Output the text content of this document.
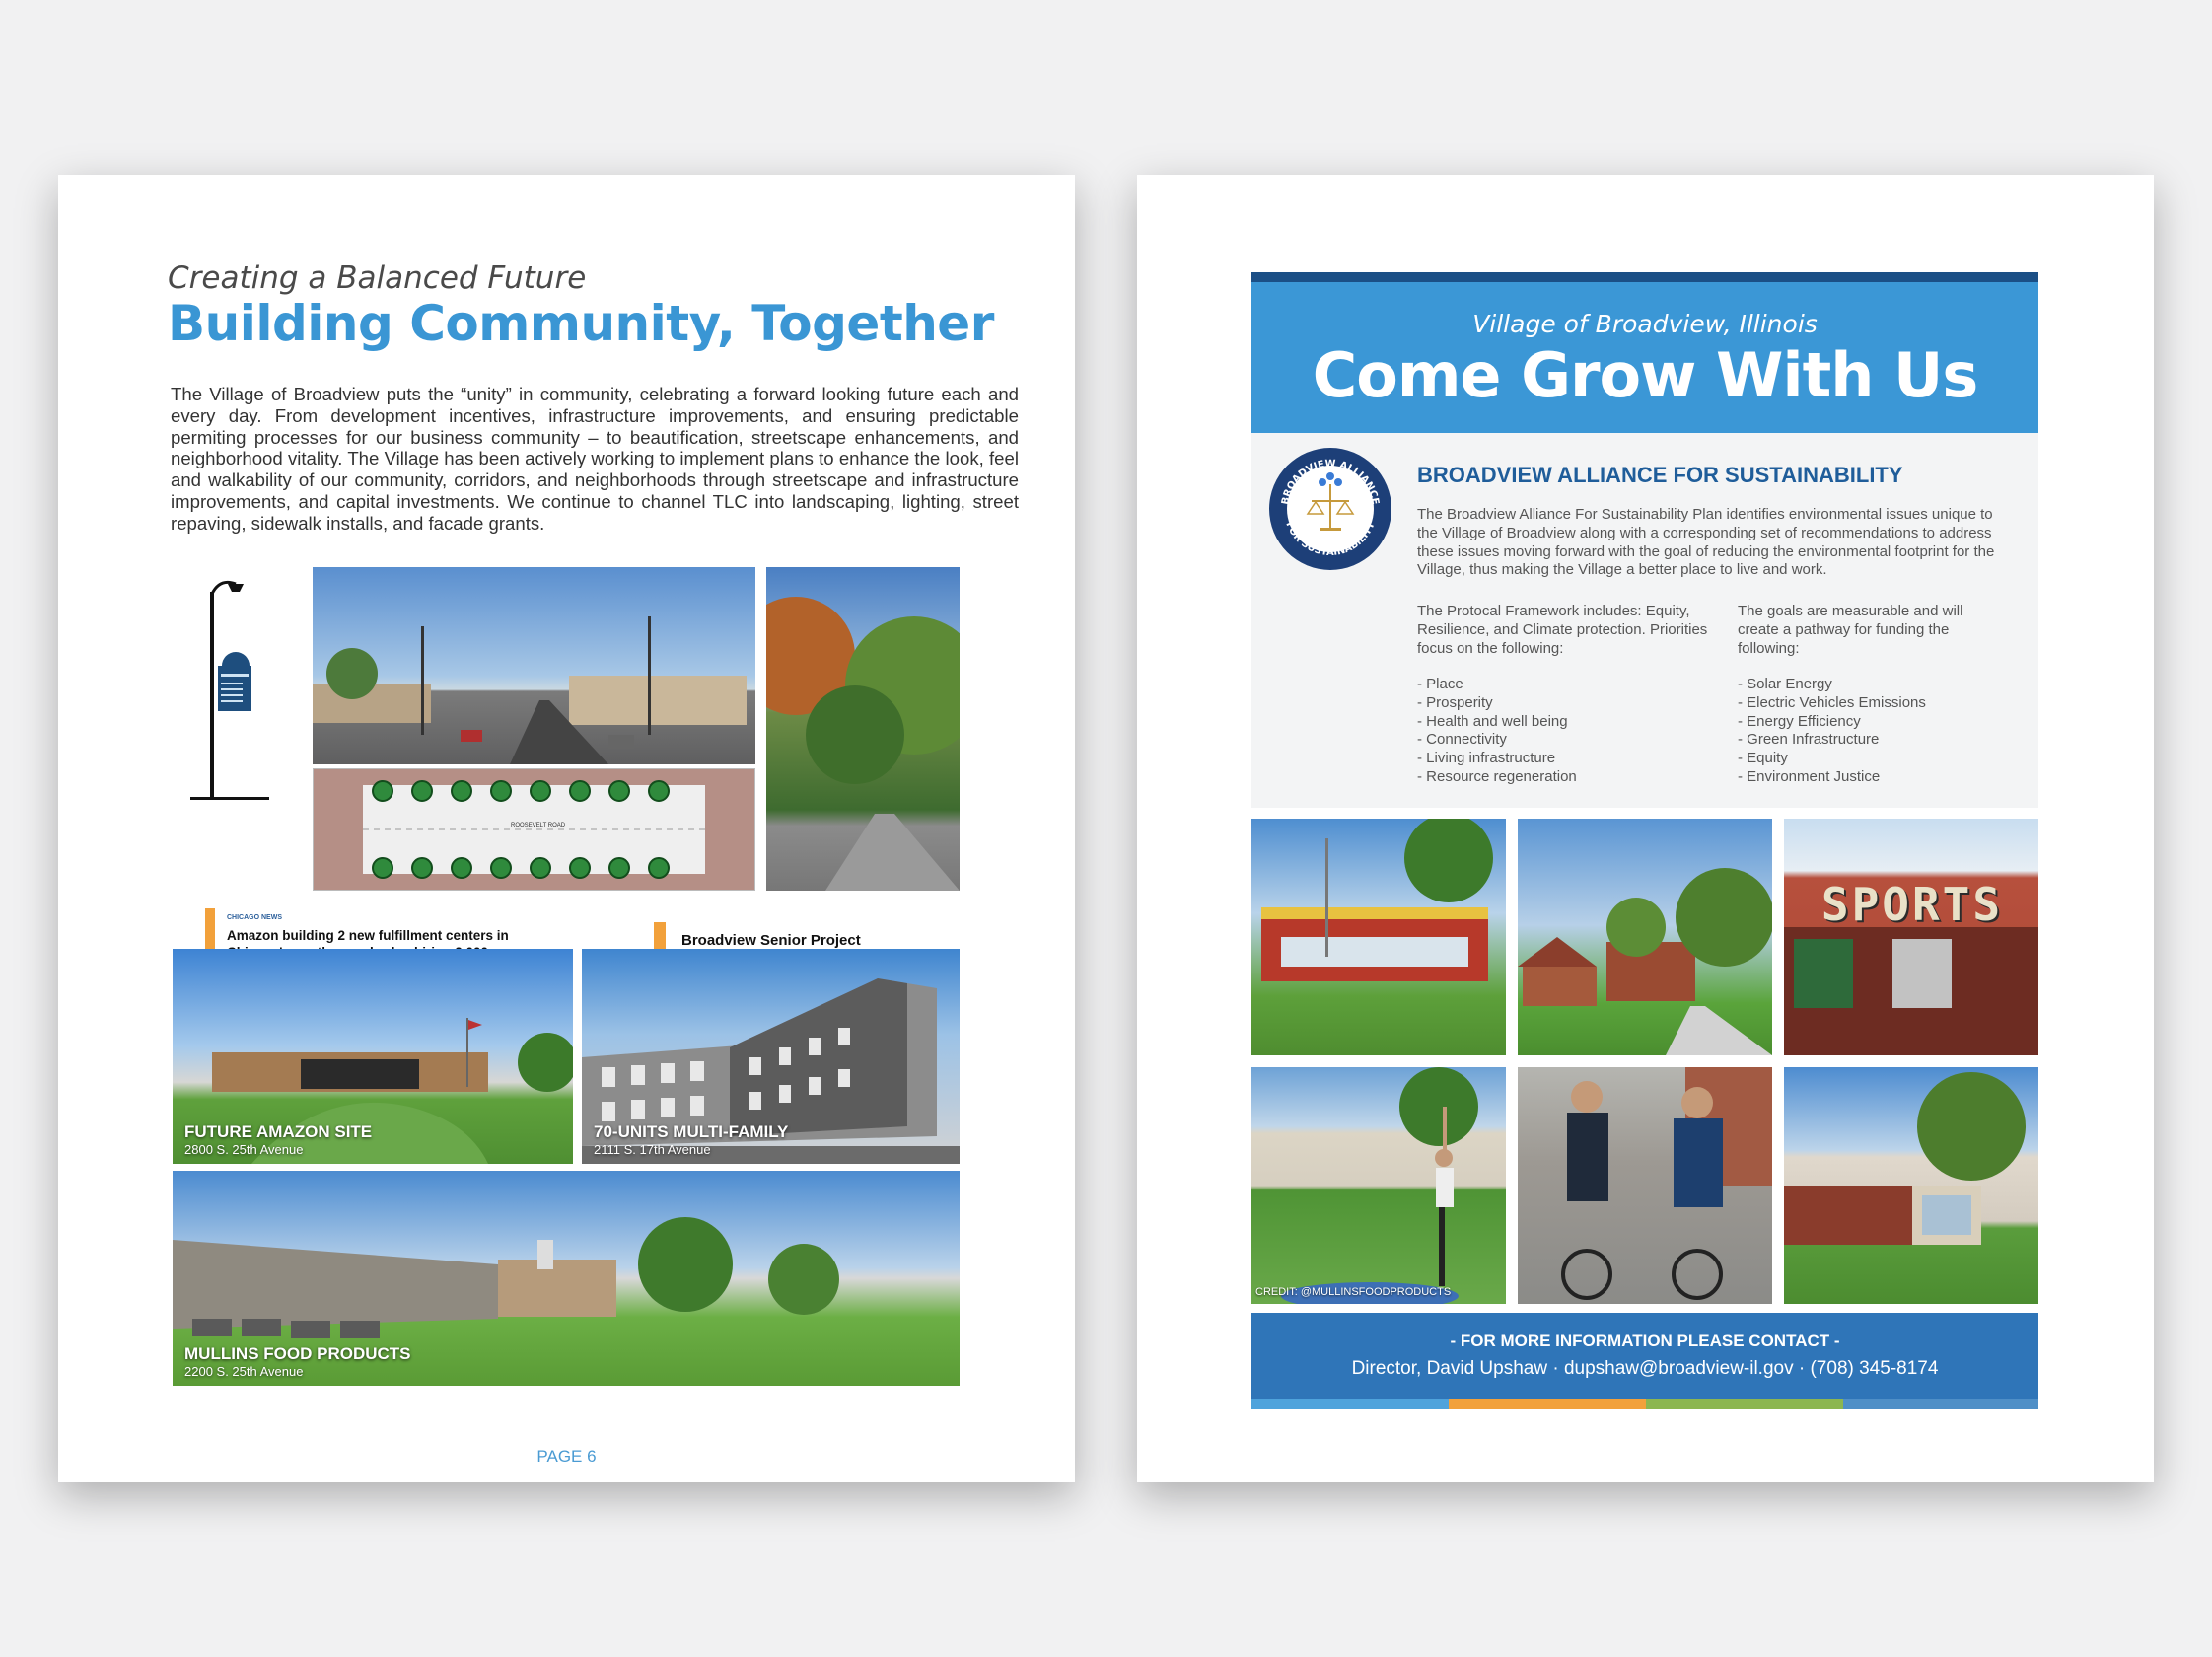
Creating a Balanced Future
Building Community, Together
The Village of Broadview puts the “unity” in community, celebrating a forward looking future each and every day. From development incentives, infrastructure improvements, and ensuring predictable permiting processes for our business community – to beautification, streetscape enhancements, and neighborhood vitality. The Village has been actively working to implement plans to enhance the look, feel and walkability of our community, corridors, and neighborhoods through streetscape and infrastructure improvements, and capital investments. We continue to channel TLC into landscaping, lighting, street repaving, sidewalk installs, and facade grants.
ROOSEVELT ROAD
CHICAGO NEWS
Amazon building 2 new fulfillment centers in
FUTURE AMAZON SITE
2800 S. 25th Avenue
Broadview Senior Project
70-UNITS MULTI-FAMILY
2111 S. 17th Avenue
MULLINS FOOD PRODUCTS
2200 S. 25th Avenue
PAGE 6
Village of Broadview, Illinois
Come Grow With Us
BROADVIEW ALLIANCE
FOR SUSTAINABILITY
BROADVIEW ALLIANCE FOR SUSTAINABILITY
The Broadview Alliance For Sustainability Plan identifies environmental issues unique to the Village of Broadview along with a corresponding set of recommendations to address these issues moving forward with the goal of reducing the environmental footprint for the Village, thus making the Village a better place to live and work.
The Protocal Framework includes: Equity, Resilience, and Climate protection. Priorities focus on the following:
- Place
- Prosperity
- Health and well being
- Connectivity
- Living infrastructure
- Resource regeneration
The goals are measurable and will create a pathway for funding the following:
- Solar Energy
- Electric Vehicles Emissions
- Energy Efficiency
- Green Infrastructure
- Equity
- Environment Justice
SPORTS
CREDIT: @MULLINSFOODPRODUCTS
- FOR MORE INFORMATION PLEASE CONTACT -
Director, David Upshaw · dupshaw@broadview-il.gov · (708) 345-8174
